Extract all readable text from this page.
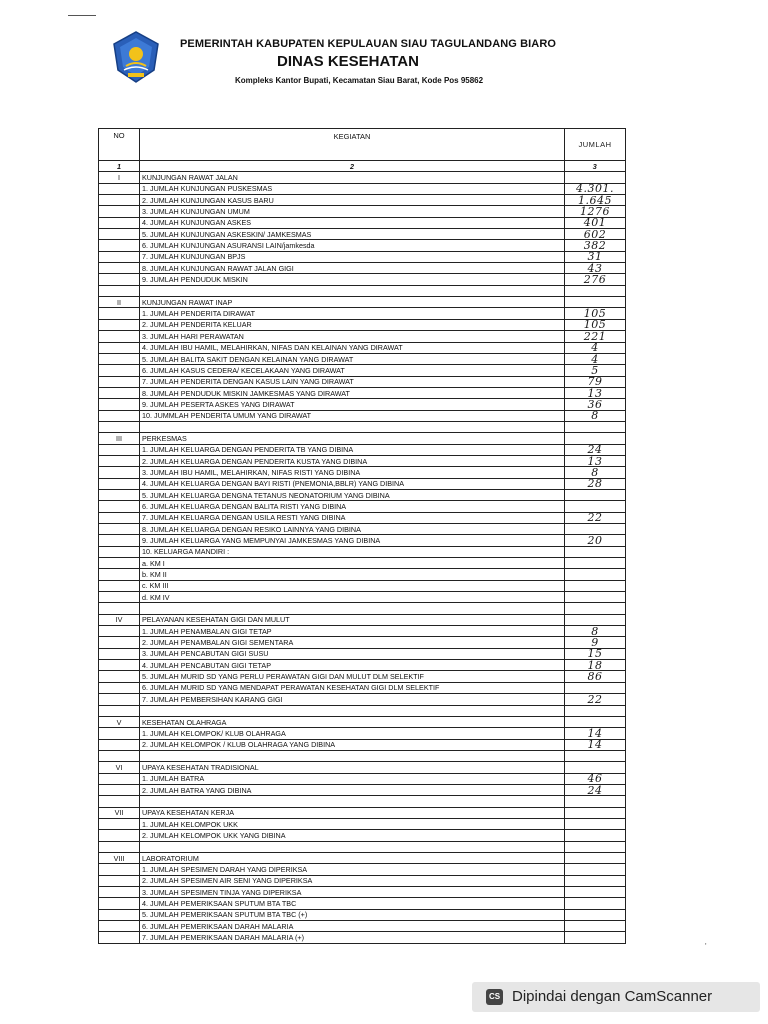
PEMERINTAH KABUPATEN KEPULAUAN SIAU TAGULANDANG BIARO
DINAS KESEHATAN
Kompleks Kantor Bupati, Kecamatan Siau Barat, Kode Pos 95862
NO	KEGIATAN	JUMLAH
1	2	3
I	KUNJUNGAN RAWAT JALAN	
	1. JUMLAH KUNJUNGAN PUSKESMAS	4.301.
	2. JUMLAH KUNJUNGAN KASUS BARU	1.645
	3. JUMLAH KUNJUNGAN UMUM	1276
	4. JUMLAH KUNJUNGAN ASKES	401
	5. JUMLAH KUNJUNGAN ASKESKIN/ JAMKESMAS	602
	6. JUMLAH KUNJUNGAN ASURANSI LAIN/jamkesda	382
	7. JUMLAH KUNJUNGAN BPJS	31
	8. JUMLAH KUNJUNGAN RAWAT JALAN GIGI	43
	9. JUMLAH PENDUDUK MISKIN	276

II	KUNJUNGAN RAWAT INAP	
	1. JUMLAH PENDERITA DIRAWAT	105
	2. JUMLAH PENDERITA KELUAR	105
	3. JUMLAH HARI PERAWATAN	221
	4. JUMLAH IBU HAMIL, MELAHIRKAN, NIFAS DAN KELAINAN YANG DIRAWAT	4
	5. JUMLAH BALITA SAKIT DENGAN KELAINAN YANG DIRAWAT	4
	6. JUMLAH KASUS CEDERA/ KECELAKAAN YANG DIRAWAT	5
	7. JUMLAH PENDERITA DENGAN KASUS LAIN YANG DIRAWAT	79
	8. JUMLAH PENDUDUK MISKIN JAMKESMAS YANG DIRAWAT	13
	9. JUMLAH PESERTA ASKES YANG DIRAWAT	36
	10. JUMMLAH PENDERITA UMUM YANG DIRAWAT	8

III	PERKESMAS	
	1. JUMLAH KELUARGA DENGAN PENDERITA TB YANG DIBINA	24
	2. JUMLAH KELUARGA DENGAN PENDERITA KUSTA YANG DIBINA	13
	3. JUMLAH IBU HAMIL, MELAHIRKAN, NIFAS RISTI YANG DIBINA	8
	4. JUMLAH KELUARGA DENGAN BAYI RISTI (PNEMONIA,BBLR) YANG DIBINA	28
	5. JUMLAH KELUARGA DENGNA TETANUS NEONATORIUM YANG DIBINA	
	6. JUMLAH KELUARGA DENGAN BALITA RISTI YANG DIBINA	
	7. JUMLAH KELUARGA DENGAN USILA RESTI YANG DIBINA	22
	8. JUMLAH KELUARGA DENGAN RESIKO LAINNYA YANG DIBINA	
	9. JUMLAH KELUARGA YANG MEMPUNYAI JAMKESMAS YANG DIBINA	20
	10. KELUARGA MANDIRI :	
	a. KM I	
	b. KM II	
	c. KM III	
	d. KM IV	

IV	PELAYANAN KESEHATAN GIGI DAN MULUT	
	1. JUMLAH PENAMBALAN GIGI TETAP	8
	2. JUMLAH PENAMBALAN GIGI SEMENTARA	9
	3. JUMLAH PENCABUTAN GIGI SUSU	15
	4. JUMLAH PENCABUTAN GIGI TETAP	18
	5. JUMLAH MURID SD YANG PERLU PERAWATAN GIGI DAN MULUT DLM SELEKTIF	86
	6. JUMLAH MURID SD YANG MENDAPAT PERAWATAN KESEHATAN GIGI DLM SELEKTIF	
	7. JUMLAH PEMBERSIHAN KARANG GIGI	22

V	KESEHATAN OLAHRAGA	
	1. JUMLAH KELOMPOK/ KLUB OLAHRAGA	14
	2. JUMLAH KELOMPOK / KLUB OLAHRAGA YANG DIBINA	14

VI	UPAYA KESEHATAN TRADISIONAL	
	1. JUMLAH BATRA	46
	2. JUMLAH BATRA YANG DIBINA	24

VII	UPAYA KESEHATAN KERJA	
	1. JUMLAH KELOMPOK UKK	
	2. JUMLAH KELOMPOK UKK YANG DIBINA	

VIII	LABORATORIUM	
	1. JUMLAH SPESIMEN DARAH YANG DIPERIKSA	
	2. JUMLAH SPESIMEN AIR SENI YANG DIPERIKSA	
	3. JUMLAH SPESIMEN TINJA YANG DIPERIKSA	
	4. JUMLAH PEMERIKSAAN SPUTUM BTA TBC	
	5. JUMLAH PEMERIKSAAN SPUTUM BTA TBC (+)	
	6. JUMLAH PEMERIKSAAN DARAH MALARIA	
	7. JUMLAH PEMERIKSAAN DARAH MALARIA (+)	
'
CS Dipindai dengan CamScanner
